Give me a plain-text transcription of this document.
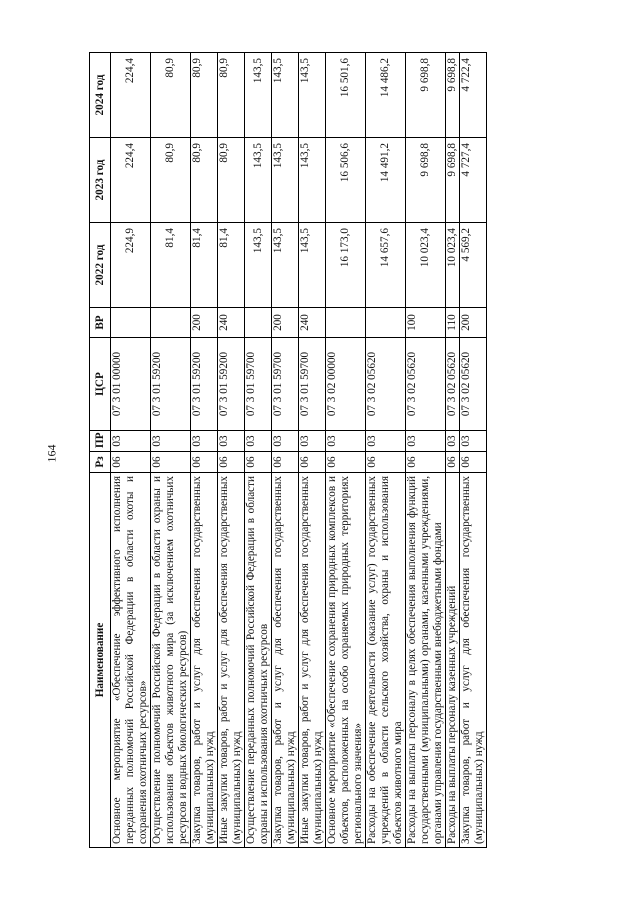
164
Наименование	Рз	ПР	ЦСР	ВР	2022 год	2023 год	2024 год
Основное мероприятие «Обеспечение эффективного исполнения переданных полномочий Российской Федерации в области охоты и сохранения охотничьих ресурсов»	06	03	07 3 01 00000		224,9	224,4	224,4
Осуществление полномочий Российской Федерации в области охраны и использования объектов животного мира (за исключением охотничьих ресурсов и водных биологических ресурсов)	06	03	07 3 01 59200		81,4	80,9	80,9
Закупка товаров, работ и услуг для обеспечения государственных (муниципальных) нужд	06	03	07 3 01 59200	200	81,4	80,9	80,9
Иные закупки товаров, работ и услуг для обеспечения государственных (муниципальных) нужд	06	03	07 3 01 59200	240	81,4	80,9	80,9
Осуществление переданных полномочий Российской Федерации в области охраны и использования охотничьих ресурсов	06	03	07 3 01 59700		143,5	143,5	143,5
Закупка товаров, работ и услуг для обеспечения государственных (муниципальных) нужд	06	03	07 3 01 59700	200	143,5	143,5	143,5
Иные закупки товаров, работ и услуг для обеспечения государственных (муниципальных) нужд	06	03	07 3 01 59700	240	143,5	143,5	143,5
Основное мероприятие «Обеспечение сохранения природных комплексов и объектов, расположенных на особо охраняемых природных территориях регионального значения»	06	03	07 3 02 00000		16 173,0	16 506,6	16 501,6
Расходы на обеспечение деятельности (оказание услуг) государственных учреждений в области сельского хозяйства, охраны и использования объектов животного мира	06	03	07 3 02 05620		14 657,6	14 491,2	14 486,2
Расходы на выплаты персоналу в целях обеспечения выполнения функций государственными (муниципальными) органами, казенными учреждениями, органами управления государственными внебюджетными фондами	06	03	07 3 02 05620	100	10 023,4	9 698,8	9 698,8
Расходы на выплаты персоналу казенных учреждений	06	03	07 3 02 05620	110	10 023,4	9 698,8	9 698,8
Закупка товаров, работ и услуг для обеспечения государственных (муниципальных) нужд	06	03	07 3 02 05620	200	4 569,2	4 727,4	4 722,4
